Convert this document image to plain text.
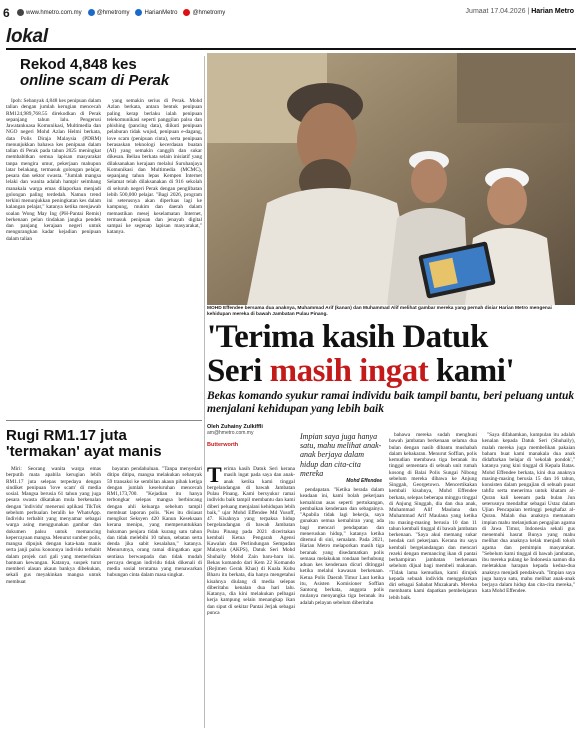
6	www.hmetro.com.my	@hmetromy	HarianMetro	@hmetromy	Jumaat 17.04.2026 | Harian Metro
lokal
Rekod 4,848 kes
online scam di Perak

Ipoh: Sebanyak 4,848 kes penipuan dalam talian dengan jumlah kerugian mencecah RM124,989,768.55 direkodkan di Perak sepanjang tahun lalu. Pengerusi Jawatankuasa Komunikasi, Multimedia dan NGO negeri Mohd Azlan Helmi berkata, data Polis Diraja Malaysia (PDRM) menunjukkan bahawa kes penipuan dalam talian di Perak pada tahun 2025 meningkat membabitkan semua lapisan masyarakat tanpa mengira umur, pekerjaan mahupun latar belakang, termasuk golongan pelajar, pesara dan sektor swasta. "Jumlah mangsa lelaki dan wanita adalah hampir seimbang manakala warga emas dilaporkan menjadi golongan paling terdedah. Namun trend terkini menunjukkan peningkatan kes dalam kalangan pelajar," katanya ketika menjawab soalan Wong May Ing (PH-Pantai Remis) berkenaan pelan tindakan jangka pendek dan panjang kerajaan negeri untuk mengurangkan kadar kejadian penipuan dalam talian

yang semakin serius di Perak. Mohd Azlan berkata, antara bentuk penipuan paling kerap berlaku ialah penipuan telekomunikasi seperti panggilan palsu dan phishing (pancing data), diikuti penipuan pelaburan tidak wujud, penipuan e-dagang, love scam (penipuan cinta), serta penipuan berasaskan teknologi kecerdasan buatan (AI) yang semakin canggih dan sukar dikesan. Beliau berkata selain inisiatif yang dilaksanakan kerajaan melalui Suruhanjaya Komunikasi dan Multimedia (MCMC), sepanjang tahun lepas Kempen Internet Selamat telah dilaksanakan di 916 sekolah di seluruh negeri Perak dengan penglibatan lebih 500,000 pelajar. "Bagi 2026, program ini seterusnya akan diperluas lagi ke kampung, mukim dan daerah dalam memastikan mesej keselamatan Internet, termasuk penipuan dan jenayah digital sampai ke segenap lapisan masyarakat," katanya.

Rugi RM1.17 juta
'termakan' ayat manis

Miri: Seorang wanita warga emas berputih mata apabila kerugian lebih RM1.17 juta selepas terpedaya dengan sindiket penipuan 'love scam' di media sosial. Mangsa berusia 61 tahun yang juga pesara swasta dikatakan mula berkenalan dengan 'individu' menerusi aplikasi TikTok sebelum perbualan beralih ke WhatsApp. Individu terbabit yang menyamar sebagai warga asing menggunakan gambar dan dokumen palsu untuk memancing kepercayaan mangsa. Menurut sumber polis, mangsa dipujuk dengan kata-kata manis serta janji palsu kononnya individu terbabit dalam projek cari gali yang memerlukan bantuan kewangan. Katanya, suspek turut memberi alasan akaun bankya dibekukan, sekali gus meyakinkan mangsa untuk membuat

bayaran pendahuluan. "Tanpa menyedari ditipu ditipu, mangsa melakukan sebanyak 59 transaksi ke sembilan akaun pihak ketiga dengan jumlah keseluruhan mencecah RM1,173,700. "Kejadian itu hanya terbongkar selepas mangsa berbincang dengan ahli keluarga sebelum tampil membuat laporan polis. "Kes itu disiasat mengikut Seksyen 420 Kanun Keseksaan kerana menipu, yang memperuntukkan hukuman penjara tidak kurang satu tahun dan tidak melebihi 10 tahun, sebatan serta denda jika sabit kesalahan," katanya. Menurutnya, orang ramai diingatkan agar sentiasa berwaspada dan tidak mudah percaya dengan individu tidak dikenali di media sosial terutama yang menawarkan hubungan cinta dalam masa singkat.

MOHD Effendee bersama dua anaknya, Muhammad Arif (kanan) dan Muhammad Alif melihat gambar mereka yang pernah disiar Harian Metro mengenai kehidupan mereka di bawah Jambatan Pulau Pinang.
'Terima kasih Datuk
Seri masih ingat kami'
Bekas komando syukur ramai individu baik tampil bantu, beri peluang untuk menjalani kehidupan yang lebih baik
Oleh Zuhainy Zulkiffli
am@hmetro.com.my
Butterworth
Impian saya juga hanya satu, mahu melihat anak-anak berjaya dalam hidup dan cita-cita mereka
Mohd Effendee
Terima kasih Datuk Seri kerana masih ingat pada saya dan anak-anak ketika kami tinggal bergelandangan di bawah Jambatan Pulau Pinang. Kami bersyukur ramai individu baik tampil membantu dan kami diberi peluang menjalani kehidupan lebih baik," ujar Mohd Effendee Md Yusoff, 47. Kisahnya yang terpaksa hidup bergelandangan di bawah Jambatan Pulau Pinang pada 2021 diceritakan kembali Ketua Pengarah Agensi Kawalan dan Perlindungan Sempadan Malaysia (AKPS), Datuk Seri Mohd Shuhaily Mohd Zain baru-baru ini. Bekas komando dari Kem 22 Komando (Rejimen Gerak Khas) di Kuala Kubu Bharu itu berkata, dia hanya mengetahui kisahnya diulang di media selepas diberitahu kenalan dua hari lalu. Katanya, dia kini melakukan pelbagai kerja kampung selain menangkap ikan dan siput di sekitar Pantai Jerjak sebagai punca

pendapatan. "Ketika berada dalam keadaan ini, kami bolah pekerjaan kemahiran asas seperti pertukangan, pembaikan kenderaan dan sebagainya. "Apabila tidak lagi bekerja, saya gunakan semua kemahiran yang ada bagi mencari pendapatan dan meneruskan hidup," katanya ketika ditemui di sini, semalam. Pada 2021, Harian Metro melaporkan masih tiga beranak yang disedamatkan polis semasa melakukan rondaan berhubung aduan kes kenderaan dicuri ditinggal ketika melalui kawasan berkenaan. Ketua Polis Daerah Timur Laut ketika itu, Asisten Komisioner Soffian Santong berkata, anggota polis mulanya menyangka tiga beranak itu adalah pelayan sebelum diberitahu

bahawa mereka sudah menghuni bawah jambatan berkenaan selama dua bulan dengan nasib dibantu mushabah dalam kebakaran. Menurut Soffian, polis kemudian membawa tiga beranak itu tinggal sementara di sebuah unit rumah kosong di Balai Polis Sungai Nibong sebelum mereka dibawa ke Anjung Singgah, Georgetown. Mencertikakan kembali kisahnya, Mohd Effendee berkata, selepas beberapa minggu tinggal di Anjung Singgah, dia dan dua anak, Muhammad Alif Maulana dan Muhammad Arif Maulana yang ketika itu masing-masing berusia 10 dan 11 tahun kembali tinggal di bawah jambatan berkenaan. "Saya akui memang sukar hendak cari pekerjaan. Kerana itu saya kembali bergelandangan dan mencari rezeki dengan memancing ikan di pantai berhampiran jambatan berkenaan sebelum dijual bagi membeli makanan. "Tidak lama kemudian, kami dirujuk kepada sebuah individu menggelarkan diri sebagai Sahabat Muzakarah. Mereka membantu kami dapatkan pembelajaran lebih baik.

"Saya difahamkan, kumpulan itu adalah kenalan kepada Datuk Seri (Shuhaily), malah mereka juga membelikan pakaian baharu buat kami manakala dua anak didaftarkan belajar di 'sekolah pondok'," katanya yang kini tinggal di Kepala Batas. Mohd Effendee berkata, kini dua anaknya masing-masing berusia 15 dan 16 tahun, konsisten dalam pengajian di sebuah pusat tahfiz serta menerima untuk khatam al-Quran kali keenam pada bulan Jun seterusnya mendaftar sebagai Ustaz dalam Ujian Pencapaian tertinggi penghafaz al-Quran. Malah dua anaknya memanam impian mahu melanjutkan pengajian agama di Jawa Timur, Indonesia sekali gus menemuhi hasrat Bunya yang mahu melihat dua anaknya kelak menjadi tokoh agama dan pemimpin masyarakat. "Sebelum kami tinggal di bawah jambatan, ibu mereka pulang ke Indonesia namun dia meletakkan harapan kepada kedua-dua anaknya menjadi pendakwah. "Impian saya juga hanya satu, mahu melihat anak-anak berjaya dalam hidup dan cita-cita mereka," kata Mohd Effendee.
